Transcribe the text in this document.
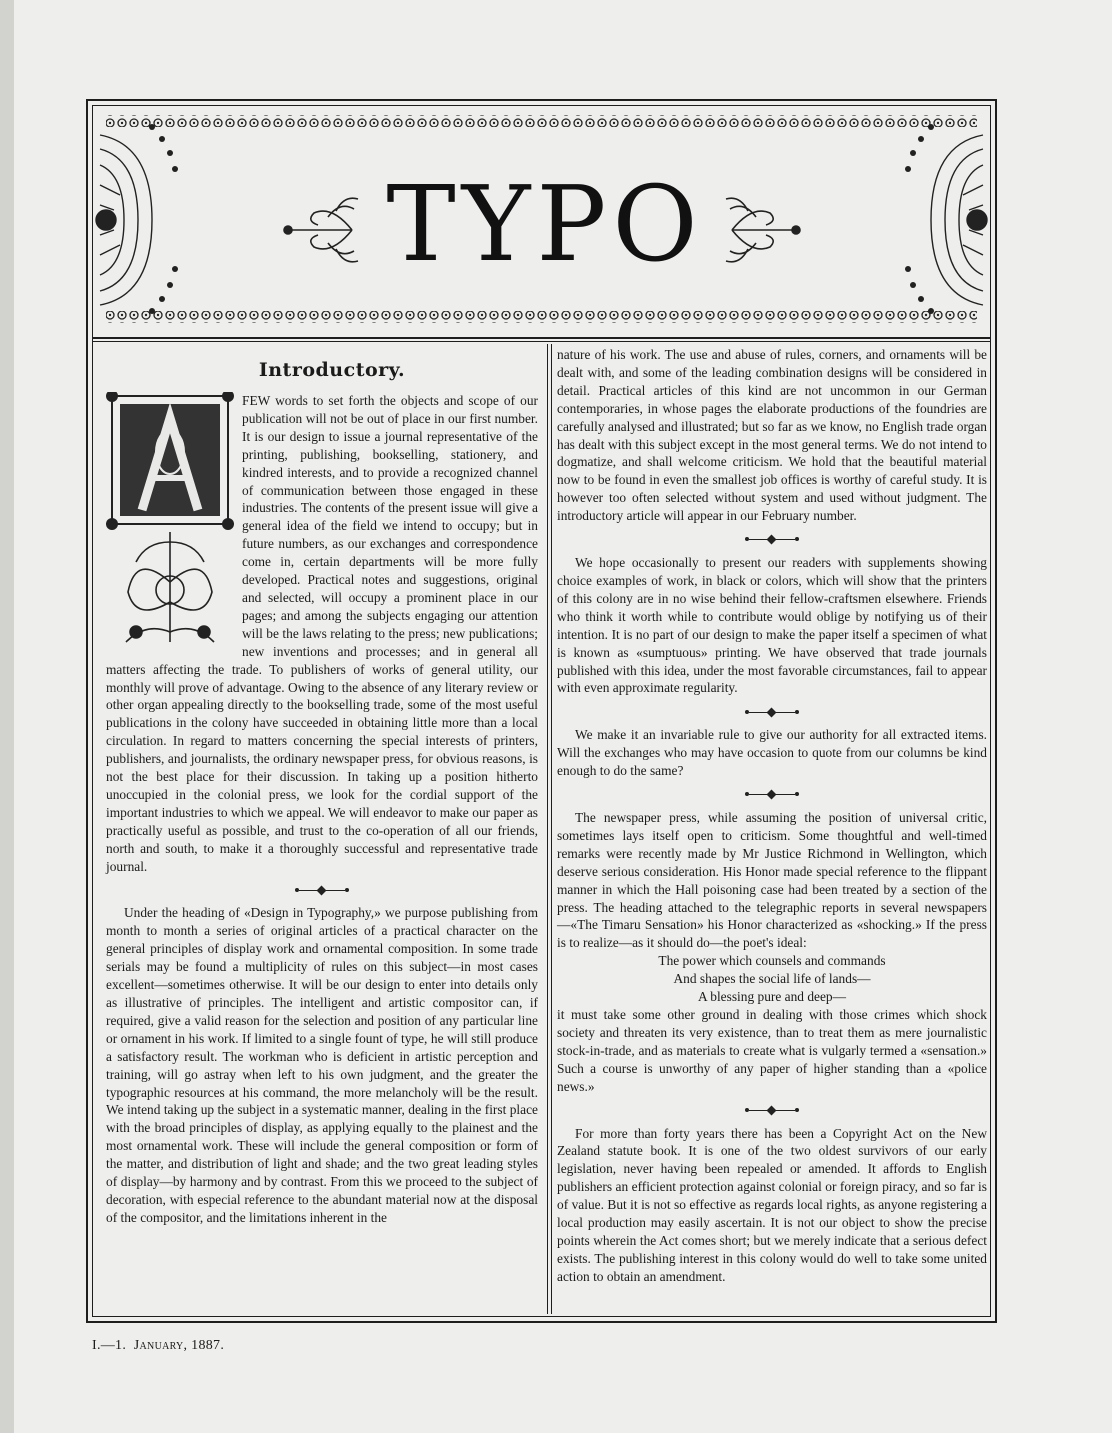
TYPO
Introductory.

FEW words to set forth the objects and scope of our publication will not be out of place in our first number. It is our design to issue a journal representative of the printing, publishing, bookselling, stationery, and kindred interests, and to provide a recognized channel of communication between those engaged in these industries. The contents of the present issue will give a general idea of the field we intend to occupy; but in future numbers, as our exchanges and correspondence come in, certain departments will be more fully developed. Practical notes and suggestions, original and selected, will occupy a prominent place in our pages; and among the subjects engaging our attention will be the laws relating to the press; new publications; new inventions and processes; and in general all matters affecting the trade. To publishers of works of general utility, our monthly will prove of advantage. Owing to the absence of any literary review or other organ appealing directly to the bookselling trade, some of the most useful publications in the colony have succeeded in obtaining little more than a local circulation. In regard to matters concerning the special interests of printers, publishers, and journalists, the ordinary newspaper press, for obvious reasons, is not the best place for their discussion. In taking up a position hitherto unoccupied in the colonial press, we look for the cordial support of the important industries to which we appeal. We will endeavor to make our paper as practically useful as possible, and trust to the co-operation of all our friends, north and south, to make it a thoroughly successful and representative trade journal.

Under the heading of «Design in Typography,» we purpose publishing from month to month a series of original articles of a practical character on the general principles of display work and ornamental composition. In some trade serials may be found a multiplicity of rules on this subject—in most cases excellent—sometimes otherwise. It will be our design to enter into details only as illustrative of principles. The intelligent and artistic compositor can, if required, give a valid reason for the selection and position of any particular line or ornament in his work. If limited to a single fount of type, he will still produce a satisfactory result. The workman who is deficient in artistic perception and training, will go astray when left to his own judgment, and the greater the typographic resources at his command, the more melancholy will be the result. We intend taking up the subject in a systematic manner, dealing in the first place with the broad principles of display, as applying equally to the plainest and the most ornamental work. These will include the general composition or form of the matter, and distribution of light and shade; and the two great leading styles of display—by harmony and by contrast. From this we proceed to the subject of decoration, with especial reference to the abundant material now at the disposal of the compositor, and the limitations inherent in the

nature of his work. The use and abuse of rules, corners, and ornaments will be dealt with, and some of the leading combination designs will be considered in detail. Practical articles of this kind are not uncommon in our German contemporaries, in whose pages the elaborate productions of the foundries are carefully analysed and illustrated; but so far as we know, no English trade organ has dealt with this subject except in the most general terms. We do not intend to dogmatize, and shall welcome criticism. We hold that the beautiful material now to be found in even the smallest job offices is worthy of careful study. It is however too often selected without system and used without judgment. The introductory article will appear in our February number.

We hope occasionally to present our readers with supplements showing choice examples of work, in black or colors, which will show that the printers of this colony are in no wise behind their fellow-craftsmen elsewhere. Friends who think it worth while to contribute would oblige by notifying us of their intention. It is no part of our design to make the paper itself a specimen of what is known as «sumptuous» printing. We have observed that trade journals published with this idea, under the most favorable circumstances, fail to appear with even approximate regularity.

We make it an invariable rule to give our authority for all extracted items. Will the exchanges who may have occasion to quote from our columns be kind enough to do the same?

The newspaper press, while assuming the position of universal critic, sometimes lays itself open to criticism. Some thoughtful and well-timed remarks were recently made by Mr Justice Richmond in Wellington, which deserve serious consideration. His Honor made special reference to the flippant manner in which the Hall poisoning case had been treated by a section of the press. The heading attached to the telegraphic reports in several newspapers—«The Timaru Sensation» his Honor characterized as «shocking.» If the press is to realize—as it should do—the poet's ideal:

The power which counsels and commands

And shapes the social life of lands—

A blessing pure and deep—

it must take some other ground in dealing with those crimes which shock society and threaten its very existence, than to treat them as mere journalistic stock-in-trade, and as materials to create what is vulgarly termed a «sensation.» Such a course is unworthy of any paper of higher standing than a «police news.»

For more than forty years there has been a Copyright Act on the New Zealand statute book. It is one of the two oldest survivors of our early legislation, never having been repealed or amended. It affords to English publishers an efficient protection against colonial or foreign piracy, and so far is of value. But it is not so effective as regards local rights, as anyone registering a local production may easily ascertain. It is not our object to show the precise points wherein the Act comes short; but we merely indicate that a serious defect exists. The publishing interest in this colony would do well to take some united action to obtain an amendment.

I.—1. January, 1887.
